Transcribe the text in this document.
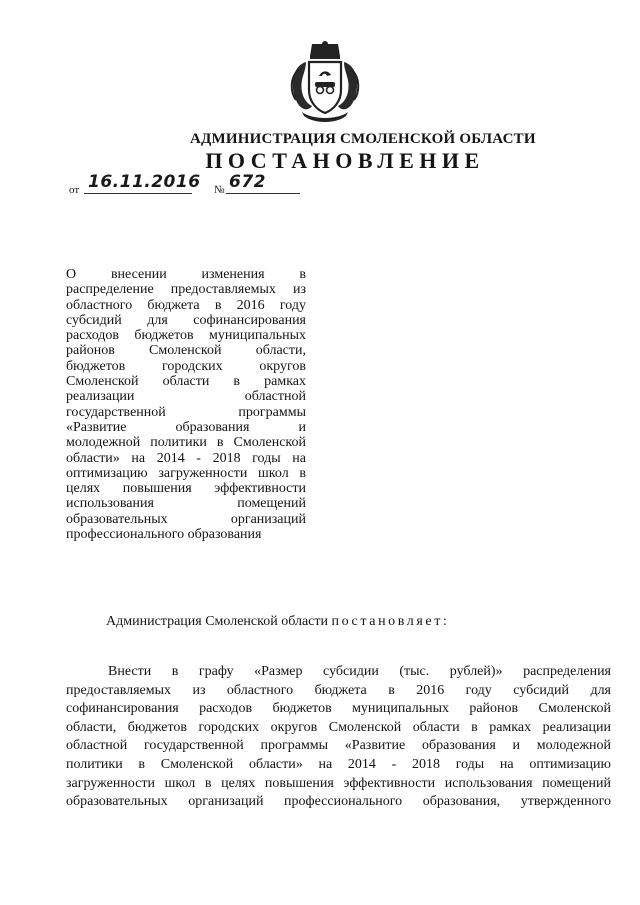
АДМИНИСТРАЦИЯ СМОЛЕНСКОЙ ОБЛАСТИ
ПОСТАНОВЛЕНИЕ
от 16.11.2016 № 672
О внесении изменения в
распределение предоставляемых из
областного бюджета в 2016 году
субсидий для софинансирования
расходов бюджетов муниципальных
районов Смоленской области,
бюджетов городских округов
Смоленской области в рамках
реализации областной
государственной программы
«Развитие образования и
молодежной политики в Смоленской
области» на 2014 - 2018 годы на
оптимизацию загруженности школ в
целях повышения эффективности
использования помещений
образовательных организаций
профессионального образования
Администрация Смоленской области постановляет:
Внести в графу «Размер субсидии (тыс. рублей)» распределения
предоставляемых из областного бюджета в 2016 году субсидий для
софинансирования расходов бюджетов муниципальных районов Смоленской
области, бюджетов городских округов Смоленской области в рамках реализации
областной государственной программы «Развитие образования и молодежной
политики в Смоленской области» на 2014 - 2018 годы на оптимизацию
загруженности школ в целях повышения эффективности использования помещений
образовательных организаций профессионального образования, утвержденного
